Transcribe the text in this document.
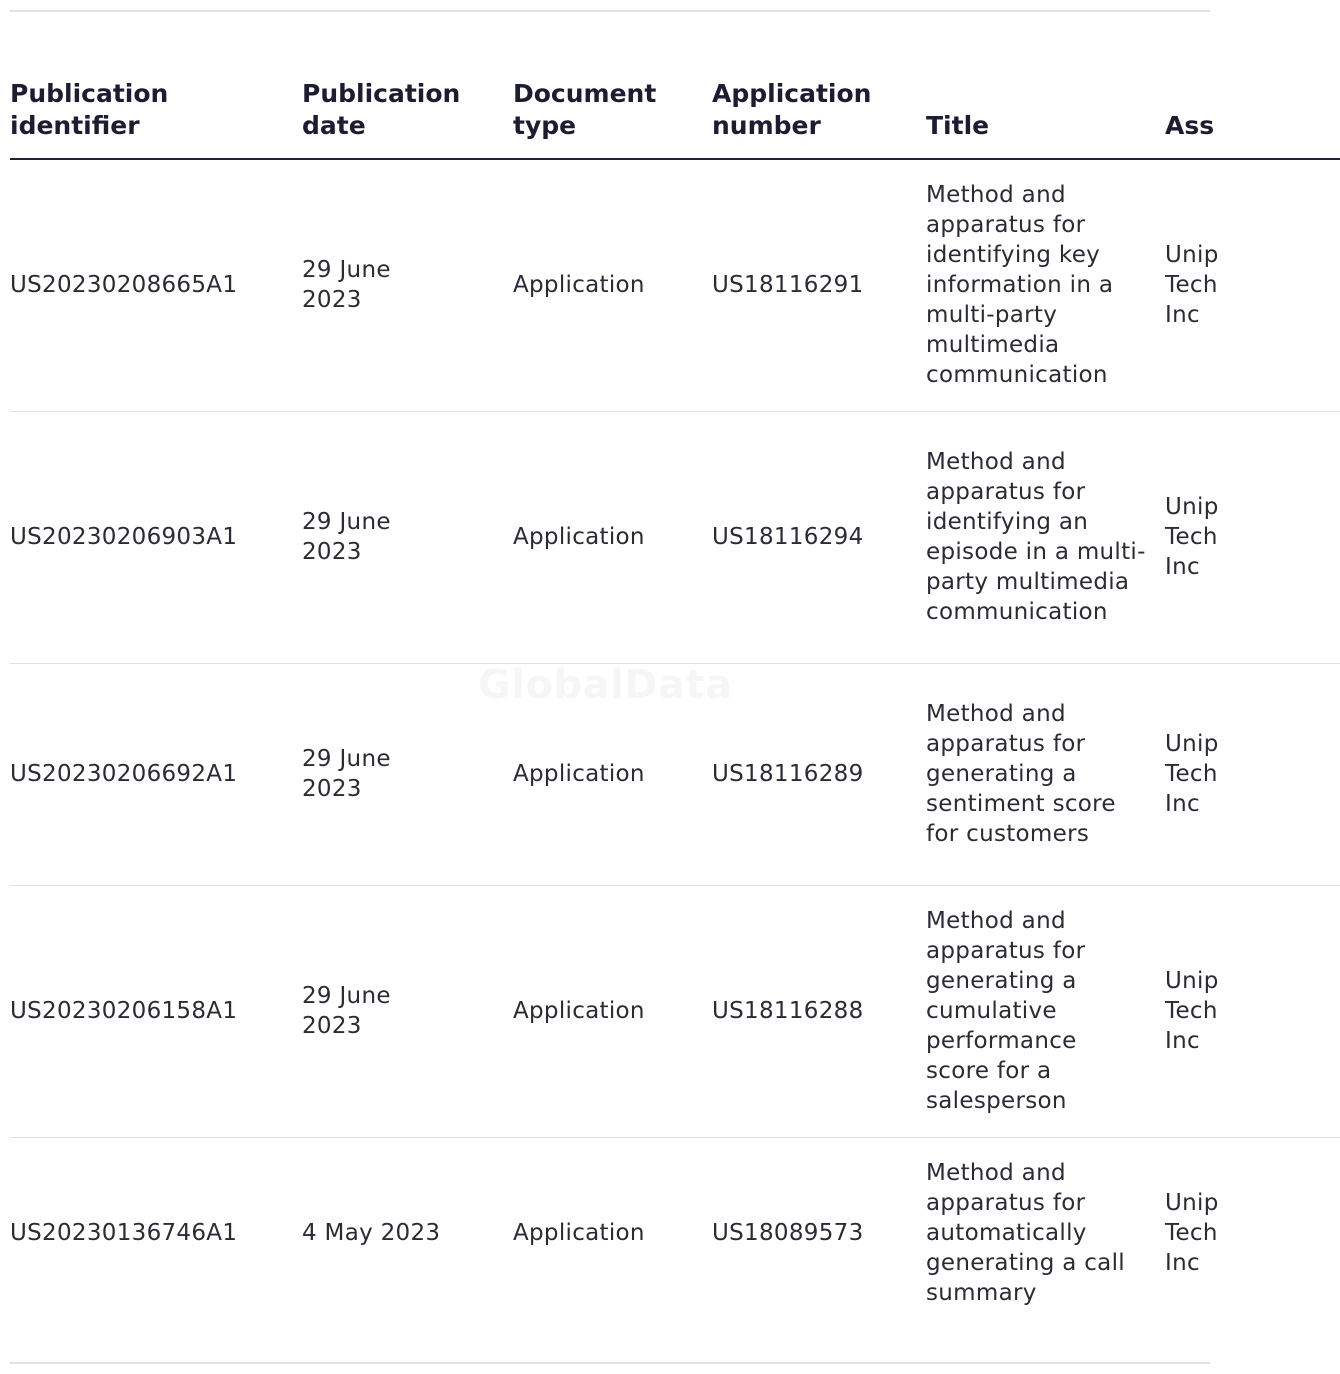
Publication identifier	Publication date	Document type	Application number	Title	Ass
US20230208665A1	29 June 2023	Application	US18116291	Method and apparatus for identifying key information in a multi-party multimedia communication	Unip Tech Inc

US20230206903A1	29 June 2023	Application	US18116294	Method and apparatus for identifying an episode in a multi-party multimedia communication	Unip Tech Inc

US20230206692A1	29 June 2023	Application	US18116289	Method and apparatus for generating a sentiment score for customers	Unip Tech Inc

US20230206158A1	29 June 2023	Application	US18116288	Method and apparatus for generating a cumulative performance score for a salesperson	Unip Tech Inc

US20230136746A1	4 May 2023	Application	US18089573	Method and apparatus for automatically generating a call summary	Unip Tech Inc
